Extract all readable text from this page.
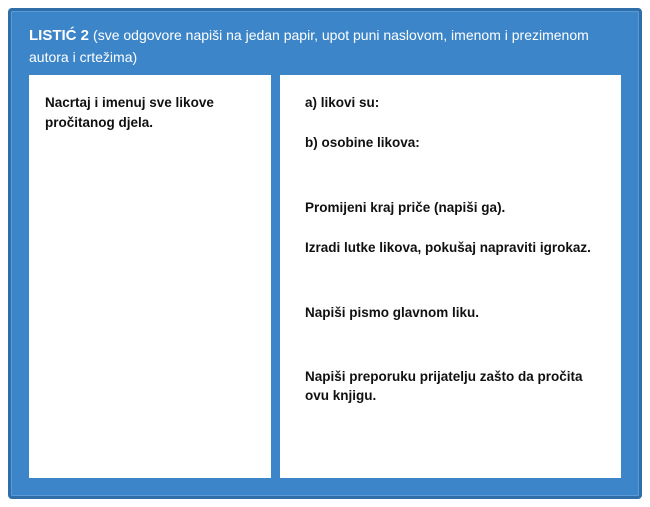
LISTIĆ 2 (sve odgovore napiši na jedan papir, upot puni naslovom, imenom i prezimenom autora i crtežima)

Nacrtaj i imenuj sve likove pročitanog djela.

a) likovi su:

b) osobine likova:

Promijeni kraj priče (napiši ga).

Izradi lutke likova, pokušaj napraviti igrokaz.

Napiši pismo glavnom liku.

Napiši preporuku prijatelju zašto da pročita ovu knjigu.
